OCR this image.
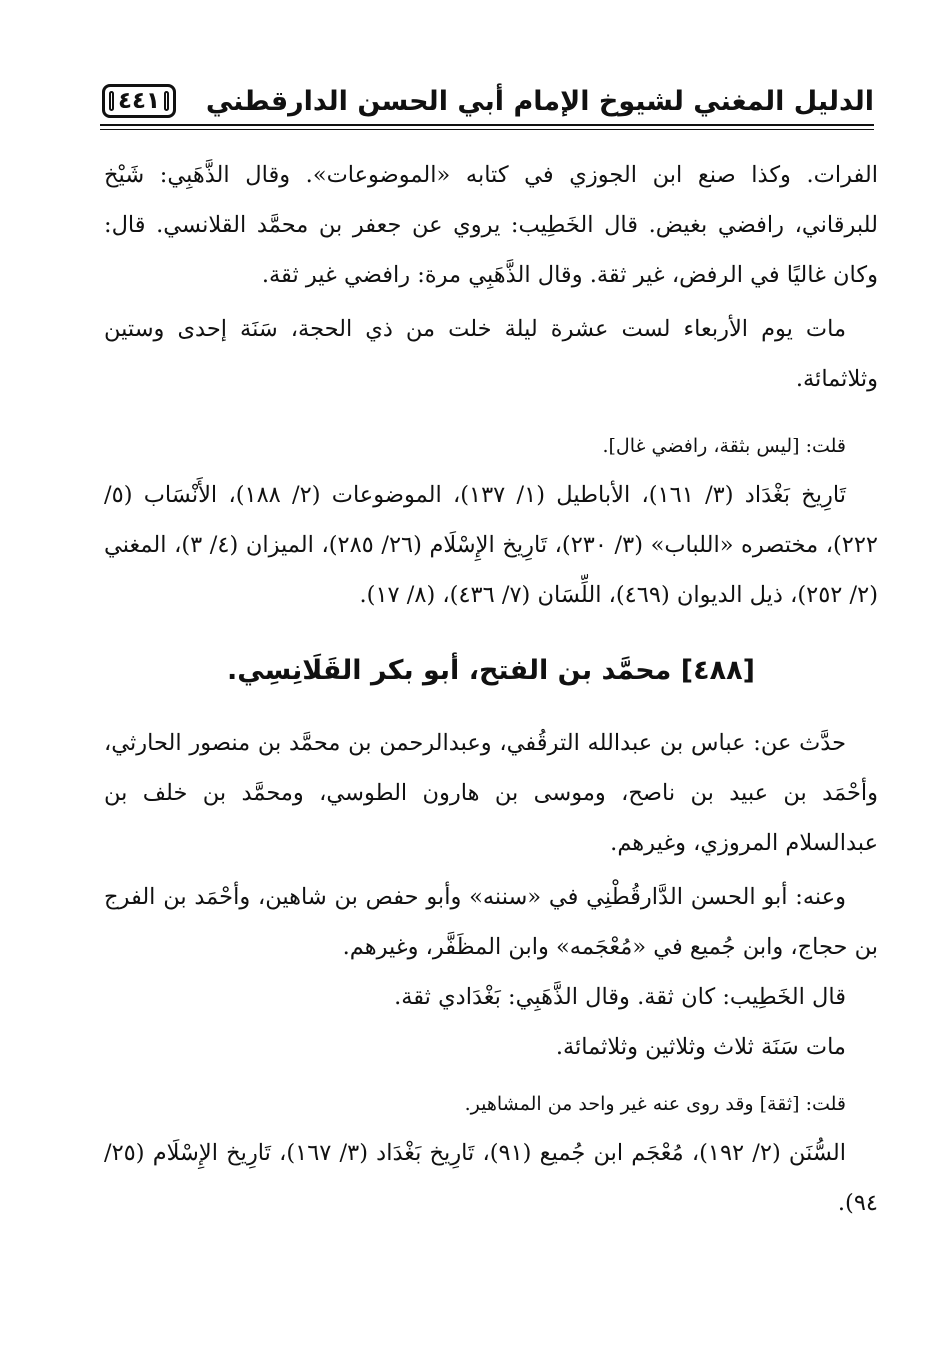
الدليل المغني لشيوخ الإمام أبي الحسن الدارقطني
٤٤١

الفرات. وكذا صنع ابن الجوزي في كتابه «الموضوعات». وقال الذَّهَبِي: شَيْخ للبرقاني، رافضي بغيض. قال الخَطِيب: يروي عن جعفر بن محمَّد القلانسي. قال: وكان غاليًا في الرفض، غير ثقة. وقال الذَّهَبِي مرة: رافضي غير ثقة.

مات يوم الأربعاء لست عشرة ليلة خلت من ذي الحجة، سَنَة إحدى وستين وثلاثمائة.

قلت: [ليس بثقة، رافضي غال].

تَارِيخ بَغْدَاد (٣/ ١٦١)، الأباطيل (١/ ١٣٧)، الموضوعات (٢/ ١٨٨)، الأَنْسَاب (٥/ ٢٢٢)، مختصره «اللباب» (٣/ ٢٣٠)، تَارِيخ الإِسْلَام (٢٦/ ٢٨٥)، الميزان (٤/ ٣)، المغني (٢/ ٢٥٢)، ذيل الديوان (٤٦٩)، اللِّسَان (٧/ ٤٣٦)، (٨/ ١٧).

[٤٨٨] محمَّد بن الفتح، أبو بكر القَلَانِسِي.

حدَّث عن: عباس بن عبدالله الترقُفي، وعبدالرحمن بن محمَّد بن منصور الحارثي، وأحْمَد بن عبيد بن ناصح، وموسى بن هارون الطوسي، ومحمَّد بن خلف بن عبدالسلام المروزي، وغيرهم.

وعنه: أبو الحسن الدَّارقُطْنِي في «سننه» وأبو حفص بن شاهين، وأحْمَد بن الفرج بن حجاج، وابن جُميع في «مُعْجَمه» وابن المظَفَّر، وغيرهم.

قال الخَطِيب: كان ثقة. وقال الذَّهَبِي: بَغْدَادي ثقة.

مات سَنَة ثلاث وثلاثين وثلاثمائة.

قلت: [ثقة] وقد روى عنه غير واحد من المشاهير.

السُّنَن (٢/ ١٩٢)، مُعْجَم ابن جُميع (٩١)، تَارِيخ بَغْدَاد (٣/ ١٦٧)، تَارِيخ الإِسْلَام (٢٥/ ٩٤).
